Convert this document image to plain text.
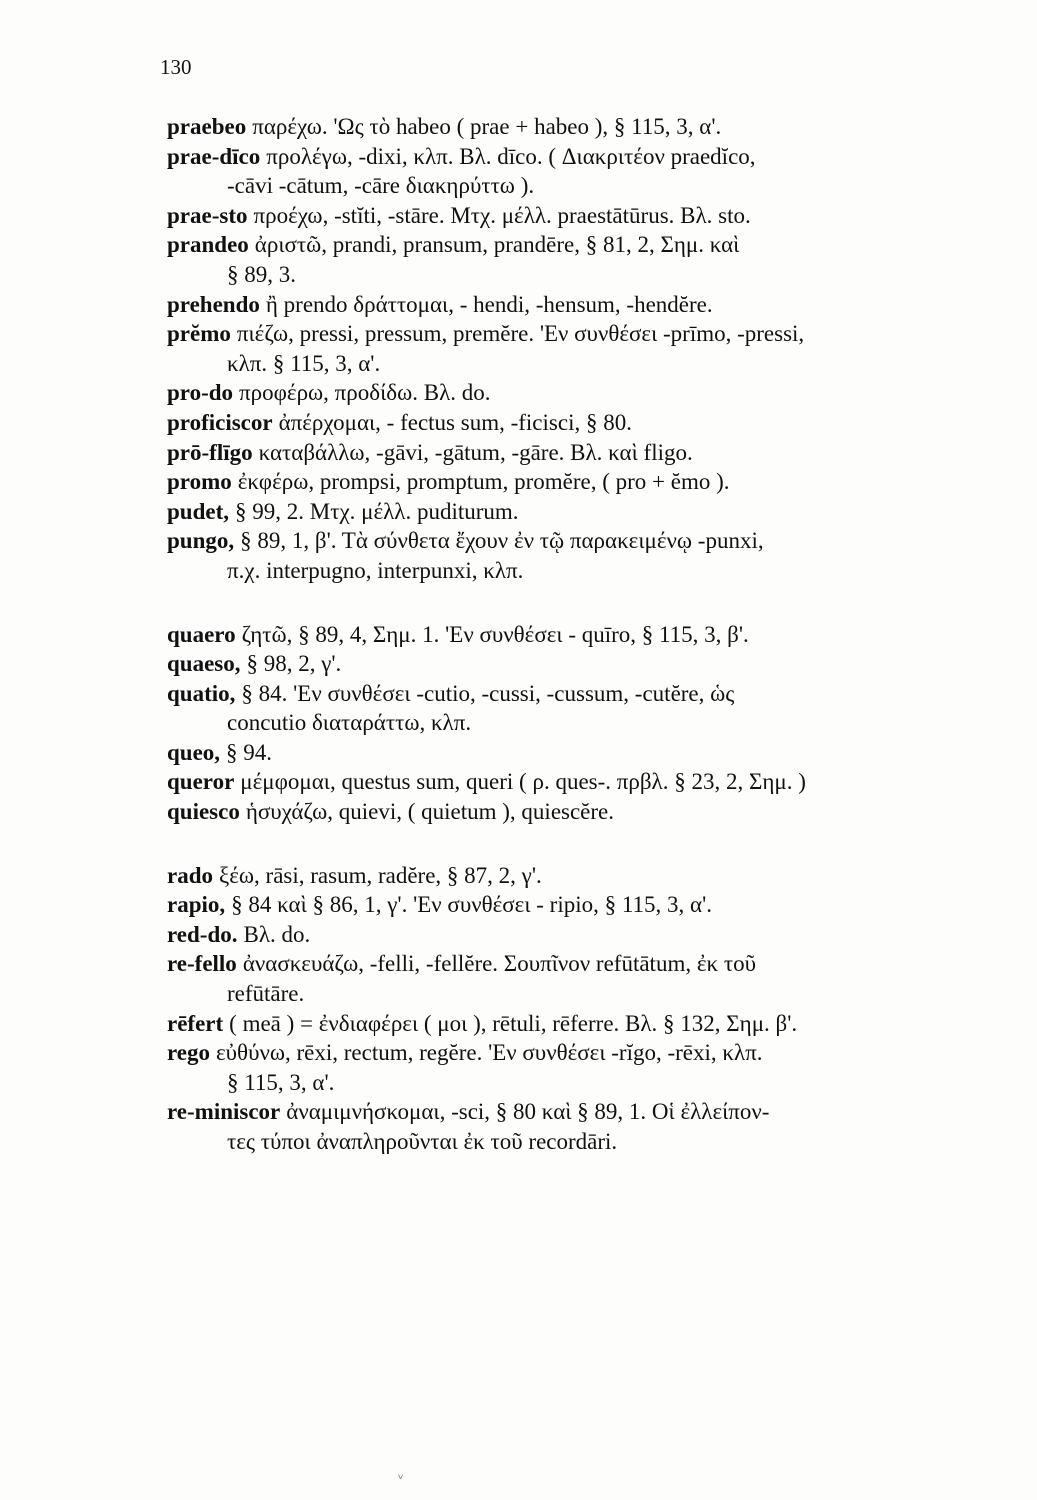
130
praebeo παρέχω. 'Ως τὸ habeo ( prae + habeo ), § 115, 3, α'.
prae-dīco προλέγω, -dixi, κλπ. Βλ. dīco. ( Διακριτέον praedĭco,
-cāvi -cātum, -cāre διακηρύττω ).
prae-sto προέχω, -stĭti, -stāre. Μτχ. μέλλ. praestātūrus. Βλ. sto.
prandeo ἀριστῶ, prandi, pransum, prandēre, § 81, 2, Σημ. καὶ
§ 89, 3.
prehendo ἢ prendo δράττομαι, - hendi, -hensum, -hendĕre.
prĕmo πιέζω, pressi, pressum, premĕre. 'Εν συνθέσει -prīmo, -pressi,
κλπ. § 115, 3, α'.
pro-do προφέρω, προδίδω. Βλ. do.
proficiscor ἀπέρχομαι, - fectus sum, -ficisci, § 80.
prō-flīgo καταβάλλω, -gāvi, -gātum, -gāre. Βλ. καὶ fligo.
promo ἐκφέρω, prompsi, promptum, promĕre, ( pro + ĕmo ).
pudet, § 99, 2. Μτχ. μέλλ. puditurum.
pungo, § 89, 1, β'. Τὰ σύνθετα ἔχουν ἐν τῷ παρακειμένῳ -punxi,
π.χ. interpugno, interpunxi, κλπ.
quaero ζητῶ, § 89, 4, Σημ. 1. 'Εν συνθέσει - quīro, § 115, 3, β'.
quaeso, § 98, 2, γ'.
quatio, § 84. 'Εν συνθέσει -cutio, -cussi, -cussum, -cutĕre, ὡς
concutio διαταράττω, κλπ.
queo, § 94.
queror μέμφομαι, questus sum, queri ( ρ. ques-. πρβλ. § 23, 2, Σημ. )
quiesco ἡσυχάζω, quievi, ( quietum ), quiescĕre.
rado ξέω, rāsi, rasum, radĕre, § 87, 2, γ'.
rapio, § 84 καὶ § 86, 1, γ'. 'Εν συνθέσει - ripio, § 115, 3, α'.
red-do. Βλ. do.
re-fello ἀνασκευάζω, -felli, -fellĕre. Σουπῖνον refūtātum, ἐκ τοῦ
refūtāre.
rēfert ( meā ) = ἐνδιαφέρει ( μοι ), rētuli, rēferre. Βλ. § 132, Σημ. β'.
rego εὐθύνω, rēxi, rectum, regĕre. 'Εν συνθέσει -rĭgo, -rēxi, κλπ.
§ 115, 3, α'.
re-miniscor ἀναμιμνήσκομαι, -sci, § 80 καὶ § 89, 1. Οἱ ἐλλείπον-
τες τύποι ἀναπληροῦνται ἐκ τοῦ recordāri.
ⱽ
